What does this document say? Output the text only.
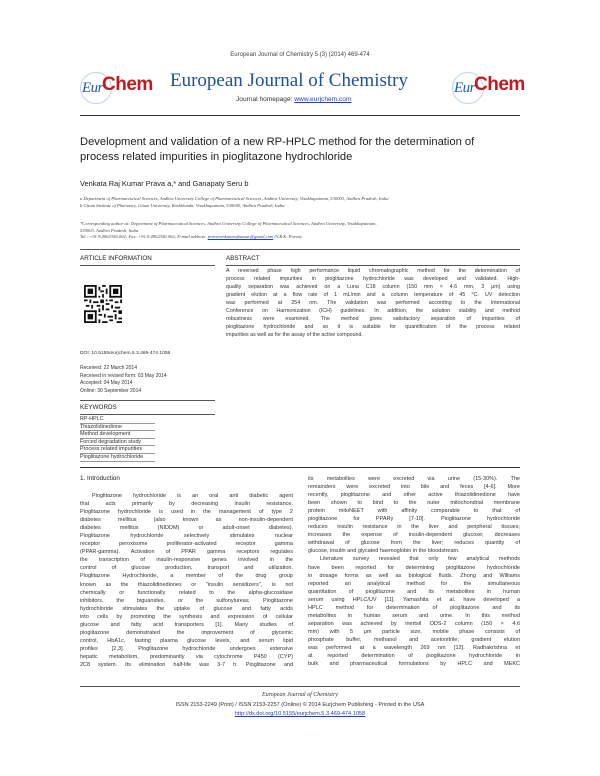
European Journal of Chemistry 5 (3) (2014) 469‑474
Eur Chem European Journal of Chemistry
Journal homepage: www.eurjchem.com
Eur Chem
Development and validation of a new RP‑HPLC method for the determination of
process related impurities in pioglitazone hydrochloride
Venkata Raj Kumar Prava a,* and Ganapaty Seru b
a Department of Pharmaceutical Sciences, Andhra University College of Pharmaceutical Sciences, Andhra University, Visakhapatnam, 530003, Andhra Pradesh, India
b Gitam Institute of Pharmacy, Gitam University, Rushikonda, Visakhapatnam, 530045, Andhra Pradesh, India
*Corresponding author at: Department of Pharmaceutical Sciences, Andhra University College of Pharmaceutical Sciences, Andhra University, Visakhapatnam,
530003, Andhra Pradesh, India.
Tel.: +91.9.4902356.002; Fax: +91.9.4902356.002; E-mail address: pravavenkatarajkumar@gmail.com (V.R.K. Prava).
ARTICLE INFORMATION
DOI: 10.5155/eurjchem.5.3.469‑474.1058
Received: 22 March 2014
Received in revised form: 03 May 2014
Accepted: 04 May 2014
Online: 30 September 2014
KEYWORDS
RP‑HPLC
Thiazolidinedione
Method development
Forced degradation study
Process related impurities
Pioglitazone hydrochloride
ABSTRACT
A reversed phase high performance liquid chromatographic method for the determination of
process related impurities in pioglitazone hydrochloride was developed and validated. High-
quality separation was achieved on a Luna C18 column (150 mm × 4.6 mm, 3 μm) using
gradient elution at a flow rate of 1 mL/min and a column temperature of 45 °C. UV detection
was performed at 254 nm. The validation was performed according to the International
Conference on Harmonization (ICH) guidelines. In addition, the solution stability and method
robustness were examined. The method gives satisfactory separation of impurities of
pioglitazone hydrochloride and so it is suitable for quantification of the process related
impurities as well as for the assay of the active compound.
1. Introduction
Pioglitazone hydrochloride is an oral anti diabetic agent
that acts primarily by decreasing insulin resistance.
Pioglitazone hydrochloride is used in the management of type 2
diabetes mellitus (also known as non-insulin-dependent
diabetes mellitus (NIDDM) or adult-onset diabetes).
Pioglitazone hydrochloride selectively stimulates nuclear
receptor peroxisome proliferator-activated receptor gamma
(PPAR-gamma). Activation of PPAR gamma receptors regulates
the transcription of insulin-responsive genes involved in the
control of glucose production, transport and utilization.
Pioglitazone Hydrochloride, a member of the drug group
known as the thiazolidinediones or "insulin sensitizers", is not
chemically or functionally related to the alpha-glucosidase
inhibitors, the biguanides, or the sulfonylureas. Pioglitazone
hydrochloride stimulates the uptake of glucose and fatty acids
into cells by promoting the synthesis and expression of cellular
glucose and fatty acid transporters [1]. Many studies of
pioglitazone demonstrated the improvement of glycemic
control, HbA1c, fasting plasma glucose levels, and serum lipid
profiles [2,3]. Pioglitazone hydrochloride undergoes extensive
hepatic metabolism, predominantly via cytochrome P450 (CYP)
2C8 system. Its elimination half-life was 3-7 h. Pioglitazone and
its metabolites were excreted via urine (15-30%). The
remainders were excreted into bile and feces [4-6]. More
recently, pioglitazone and other active thiazolidinedione have
been shown to bind to the outer mitochondrial membrane
protein mitoNEET with affinity comparable to that of
pioglitazone for PPARγ [7-10]. Pioglitazone hydrochloride
reduces insulin resistance in the liver and peripheral tissues;
increases the expense of insulin-dependent glucose; decreases
withdrawal of glucose from the liver; reduces quantity of
glucose, insulin and glycated haemoglobin in the bloodstream.
Literature survey revealed that only few analytical methods
have been reported for determining pioglitazone hydrochloride
in dosage forms as well as biological fluids. Zhong and Williams
reported an analytical method for the simultaneous
quantitation of pioglitazone and its metabolites in human
serum using HPLC/UV [11]. Yamashita et al. have developed a
HPLC method for determination of pioglitazone and its
metabolites in human serum and urine. In this method
separation was achieved by inertsil ODS-2 column (150 × 4.6
mm) with 5 μm particle size, mobile phase consists of
phosphate buffer, methanol and acetonitrile; gradient elution
was performed at a wavelength 269 nm [12]. Radhakrishna et
al. reported determination of pioglitazone hydrochloride in
bulk and pharmaceutical formulations by HPLC and MEKC
European Journal of Chemistry
ISSN 2153‑2249 (Print) / ISSN 2153‑2257 (Online) © 2014 Eurjchem Publishing ‑ Printed in the USA
http://dx.doi.org/10.5155/eurjchem.5.3.469‑474.1058
